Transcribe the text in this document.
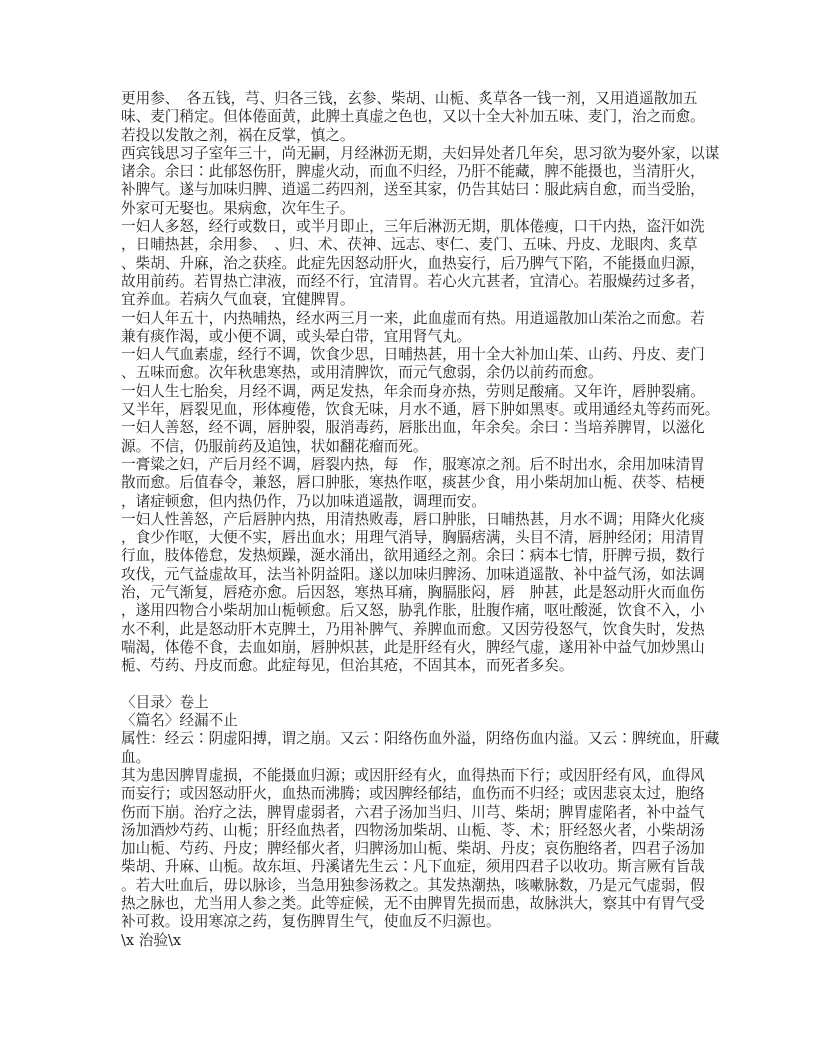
更用参、　各五钱，芎、归各三钱，玄参、柴胡、山栀、炙草各一钱一剂，又用逍遥散加五
味、麦门稍定。但体倦面黄，此脾土真虚之色也，又以十全大补加五味、麦门，治之而愈。
若投以发散之剂，祸在反掌，慎之。
西宾钱思习子室年三十，尚无嗣，月经淋沥无期，夫妇异处者几年矣，思习欲为娶外家，以谋
诸余。余曰∶此郁怒伤肝，脾虚火动，而血不归经，乃肝不能藏，脾不能摄也，当清肝火，
补脾气。遂与加味归脾、逍遥二药四剂，送至其家，仍告其姑曰∶服此病自愈，而当受胎，
外家可无娶也。果病愈，次年生子。
一妇人多怒，经行或数日，或半月即止，三年后淋沥无期，肌体倦瘦，口干内热，盗汗如洗
，日晡热甚，余用参、　、归、术、茯神、远志、枣仁、麦门、五味、丹皮、龙眼肉、炙草
、柴胡、升麻，治之获痊。此症先因怒动肝火，血热妄行，后乃脾气下陷，不能摄血归源，
故用前药。若胃热亡津液，而经不行，宜清胃。若心火亢甚者，宜清心。若服燥药过多者，
宜养血。若病久气血衰，宜健脾胃。
一妇人年五十，内热晡热，经水两三月一来，此血虚而有热。用逍遥散加山茱治之而愈。若
兼有痰作渴，或小便不调，或头晕白带，宜用肾气丸。
一妇人气血素虚，经行不调，饮食少思，日晡热甚，用十全大补加山茱、山药、丹皮、麦门
、五味而愈。次年秋患寒热，或用清脾饮，而元气愈弱，余仍以前药而愈。
一妇人生七胎矣，月经不调，两足发热，年余而身亦热，劳则足酸痛。又年许，唇肿裂痛。
又半年，唇裂见血，形体瘦倦，饮食无味，月水不通，唇下肿如黑枣。或用通经丸等药而死。
一妇人善怒，经不调，唇肿裂，服消毒药，唇胀出血，年余矣。余曰∶当培养脾胃，以滋化
源。不信，仍服前药及追蚀，状如翻花瘤而死。
一膏粱之妇，产后月经不调，唇裂内热，每　作，服寒凉之剂。后不时出水，余用加味清胃
散而愈。后值春令，兼怒，唇口肿胀，寒热作呕，痰甚少食，用小柴胡加山栀、茯苓、桔梗
，诸症顿愈，但内热仍作，乃以加味逍遥散，调理而安。
一妇人性善怒，产后唇肿内热，用清热败毒，唇口肿胀，日晡热甚，月水不调；用降火化痰
，食少作呕，大便不实，唇出血水；用理气消导，胸膈痞满，头目不清，唇肿经闭；用清胃
行血，肢体倦怠，发热烦躁，涎水涌出，欲用通经之剂。余曰∶病本七情，肝脾亏损，数行
攻伐，元气益虚故耳，法当补阴益阳。遂以加味归脾汤、加味逍遥散、补中益气汤，如法调
治，元气渐复，唇疮亦愈。后因怒，寒热耳痛，胸膈胀闷，唇　肿甚，此是怒动肝火而血伤
，遂用四物合小柴胡加山栀顿愈。后又怒，胁乳作胀，肚腹作痛，呕吐酸涎，饮食不入，小
水不利，此是怒动肝木克脾土，乃用补脾气、养脾血而愈。又因劳役怒气，饮食失时，发热
喘渴，体倦不食，去血如崩，唇肿炽甚，此是肝经有火，脾经气虚，遂用补中益气加炒黑山
栀、芍药、丹皮而愈。此症每见，但治其疮，不固其本，而死者多矣。
〈目录〉卷上
〈篇名〉经漏不止
属性：经云∶阴虚阳搏，谓之崩。又云∶阳络伤血外溢，阴络伤血内溢。又云∶脾统血，肝藏
血。
其为患因脾胃虚损，不能摄血归源；或因肝经有火，血得热而下行；或因肝经有风，血得风
而妄行；或因怒动肝火，血热而沸腾；或因脾经郁结，血伤而不归经；或因悲哀太过，胞络
伤而下崩。治疗之法，脾胃虚弱者，六君子汤加当归、川芎、柴胡；脾胃虚陷者，补中益气
汤加酒炒芍药、山栀；肝经血热者，四物汤加柴胡、山栀、苓、术；肝经怒火者，小柴胡汤
加山栀、芍药、丹皮；脾经郁火者，归脾汤加山栀、柴胡、丹皮；哀伤胞络者，四君子汤加
柴胡、升麻、山栀。故东垣、丹溪诸先生云∶凡下血症，须用四君子以收功。斯言厥有旨哉
。若大吐血后，毋以脉诊，当急用独参汤救之。其发热潮热，咳嗽脉数，乃是元气虚弱，假
热之脉也，尤当用人参之类。此等症候，无不由脾胃先损而患，故脉洪大，察其中有胃气受
补可救。设用寒凉之药，复伤脾胃生气，使血反不归源也。
\x 治验\x
